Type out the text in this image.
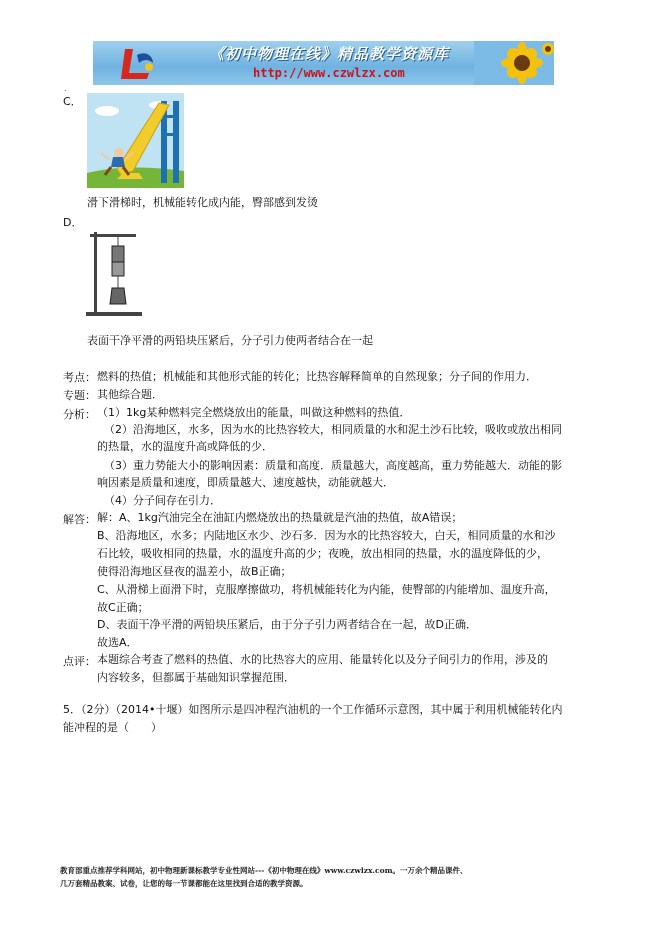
《初中物理在线》精品教学资源库
http://www.czwlzx.com
.
C．
滑下滑梯时，机械能转化成内能，臀部感到发烫
D．
表面干净平滑的两铅块压紧后，分子引力使两者结合在一起
考点： 燃料的热值；机械能和其他形式能的转化；比热容解释简单的自然现象；分子间的作用力．
专题： 其他综合题．
分析： （1）1kg某种燃料完全燃烧放出的能量，叫做这种燃料的热值．
（2）沿海地区，水多，因为水的比热容较大，相同质量的水和泥土沙石比较，吸收或放出相同
的热量，水的温度升高或降低的少．
（3）重力势能大小的影响因素：质量和高度．质量越大，高度越高，重力势能越大．动能的影
响因素是质量和速度，即质量越大、速度越快，动能就越大．
（4）分子间存在引力．
解答： 解：A、1kg汽油完全在油缸内燃烧放出的热量就是汽油的热值，故A错误；
B、沿海地区，水多；内陆地区水少、沙石多．因为水的比热容较大，白天，相同质量的水和沙
石比较，吸收相同的热量，水的温度升高的少；夜晚，放出相同的热量，水的温度降低的少，
使得沿海地区昼夜的温差小，故B正确；
C、从滑梯上面滑下时，克服摩擦做功，将机械能转化为内能，使臀部的内能增加、温度升高，
故C正确；
D、表面干净平滑的两铅块压紧后，由于分子引力两者结合在一起，故D正确．
故选A．
点评： 本题综合考查了燃料的热值、水的比热容大的应用、能量转化以及分子间引力的作用，涉及的
内容较多，但都属于基础知识掌握范围．
5．（2分）（2014•十堰）如图所示是四冲程汽油机的一个工作循环示意图，其中属于利用机械能转化内
能冲程的是（　　）
教育部重点推荐学科网站，初中物理新课标教学专业性网站---《初中物理在线》www.czwlzx.com。一万余个精品课件、
几万套精品教案、试卷，让您的每一节课都能在这里找到合适的教学资源。
